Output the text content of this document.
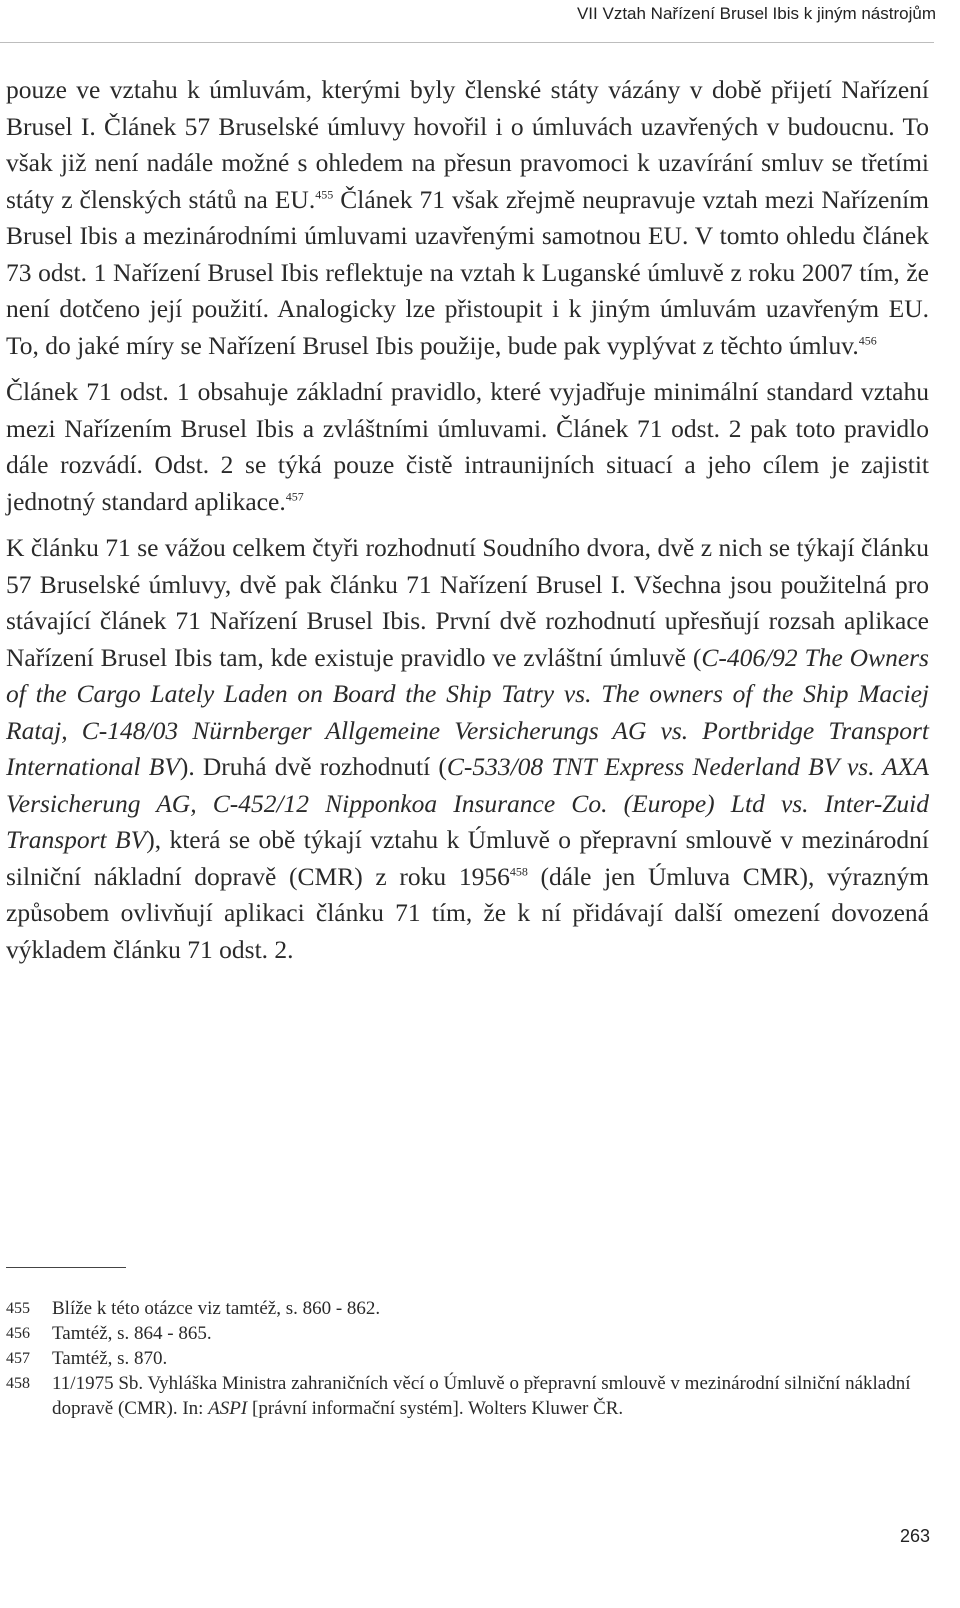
VII Vztah Nařízení Brusel Ibis k jiným nástrojům

pouze ve vztahu k úmluvám, kterými byly členské státy vázány v době přijetí Nařízení Brusel I. Článek 57 Bruselské úmluvy hovořil i o úmluvách uzavřených v budoucnu. To však již není nadále možné s ohledem na přesun pravomoci k uzavírání smluv se třetími státy z členských států na EU.$^{455}$ Článek 71 však zřejmě neupravuje vztah mezi Nařízením Brusel Ibis a mezinárodními úmluvami uzavřenými samotnou EU. V tomto ohledu článek 73 odst. 1 Nařízení Brusel Ibis reflektuje na vztah k Luganské úmluvě z roku 2007 tím, že není dotčeno její použití. Analogicky lze přistoupit i k jiným úmluvám uzavřeným EU. To, do jaké míry se Nařízení Brusel Ibis použije, bude pak vyplývat z těchto úmluv.$^{456}$

Článek 71 odst. 1 obsahuje základní pravidlo, které vyjadřuje minimální standard vztahu mezi Nařízením Brusel Ibis a zvláštními úmluvami. Článek 71 odst. 2 pak toto pravidlo dále rozvádí. Odst. 2 se týká pouze čistě intraunijních situací a jeho cílem je zajistit jednotný standard aplikace.$^{457}$

K článku 71 se vážou celkem čtyři rozhodnutí Soudního dvora, dvě z nich se týkají článku 57 Bruselské úmluvy, dvě pak článku 71 Nařízení Brusel I. Všechna jsou použitelná pro stávající článek 71 Nařízení Brusel Ibis. První dvě rozhodnutí upřesňují rozsah aplikace Nařízení Brusel Ibis tam, kde existuje pravidlo ve zvláštní úmluvě (C-406/92 The Owners of the Cargo Lately Laden on Board the Ship Tatry vs. The owners of the Ship Maciej Rataj, C-148/03 Nürnberger Allgemeine Versicherungs AG vs. Portbridge Transport International BV). Druhá dvě rozhodnutí (C-533/08 TNT Express Nederland BV vs. AXA Versicherung AG, C-452/12 Nipponkoa Insurance Co. (Europe) Ltd vs. Inter-Zuid Transport BV), která se obě týkají vztahu k Úmluvě o přepravní smlouvě v mezinárodní silniční nákladní dopravě (CMR) z roku 1956$^{458}$ (dále jen Úmluva CMR), výrazným způsobem ovlivňují aplikaci článku 71 tím, že k ní přidávají další omezení dovozená výkladem článku 71 odst. 2.

455	Blíže k této otázce viz tamtéž, s. 860 - 862.
456	Tamtéž, s. 864 - 865.
457	Tamtéž, s. 870.
458	11/1975 Sb. Vyhláška Ministra zahraničních věcí o Úmluvě o přepravní smlouvě v mezinárodní silniční nákladní dopravě (CMR). In: ASPI [právní informační systém]. Wolters Kluwer ČR.
263
